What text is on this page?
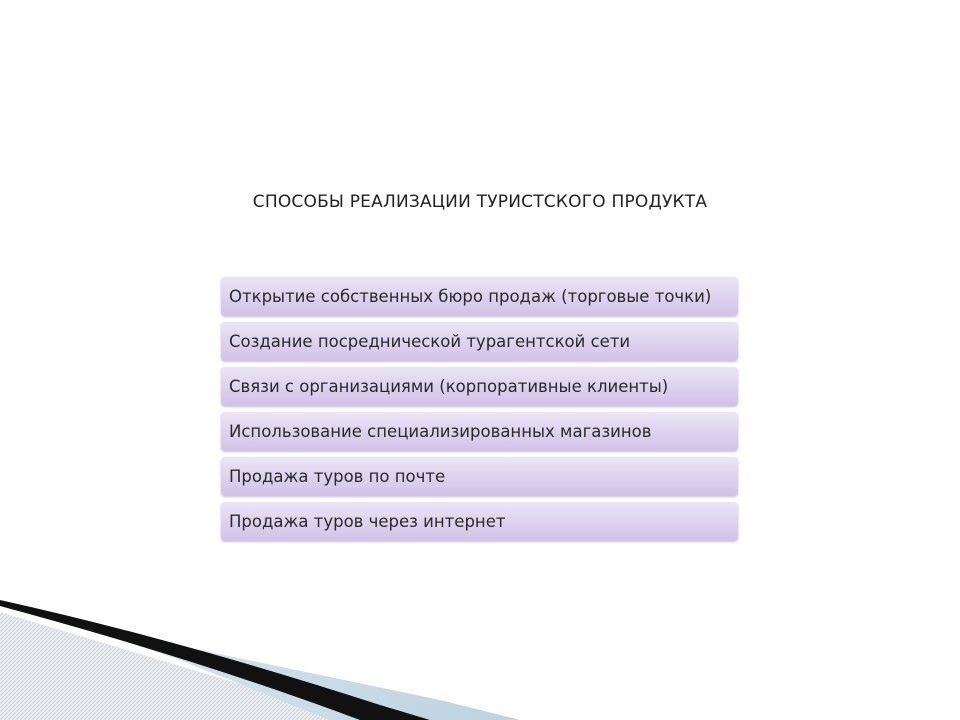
СПОСОБЫ РЕАЛИЗАЦИИ ТУРИСТСКОГО ПРОДУКТА
Открытие собственных бюро продаж (торговые точки)
Создание посреднической турагентской сети
Связи с организациями (корпоративные клиенты)
Использование специализированных магазинов
Продажа туров по почте
Продажа туров через интернет
